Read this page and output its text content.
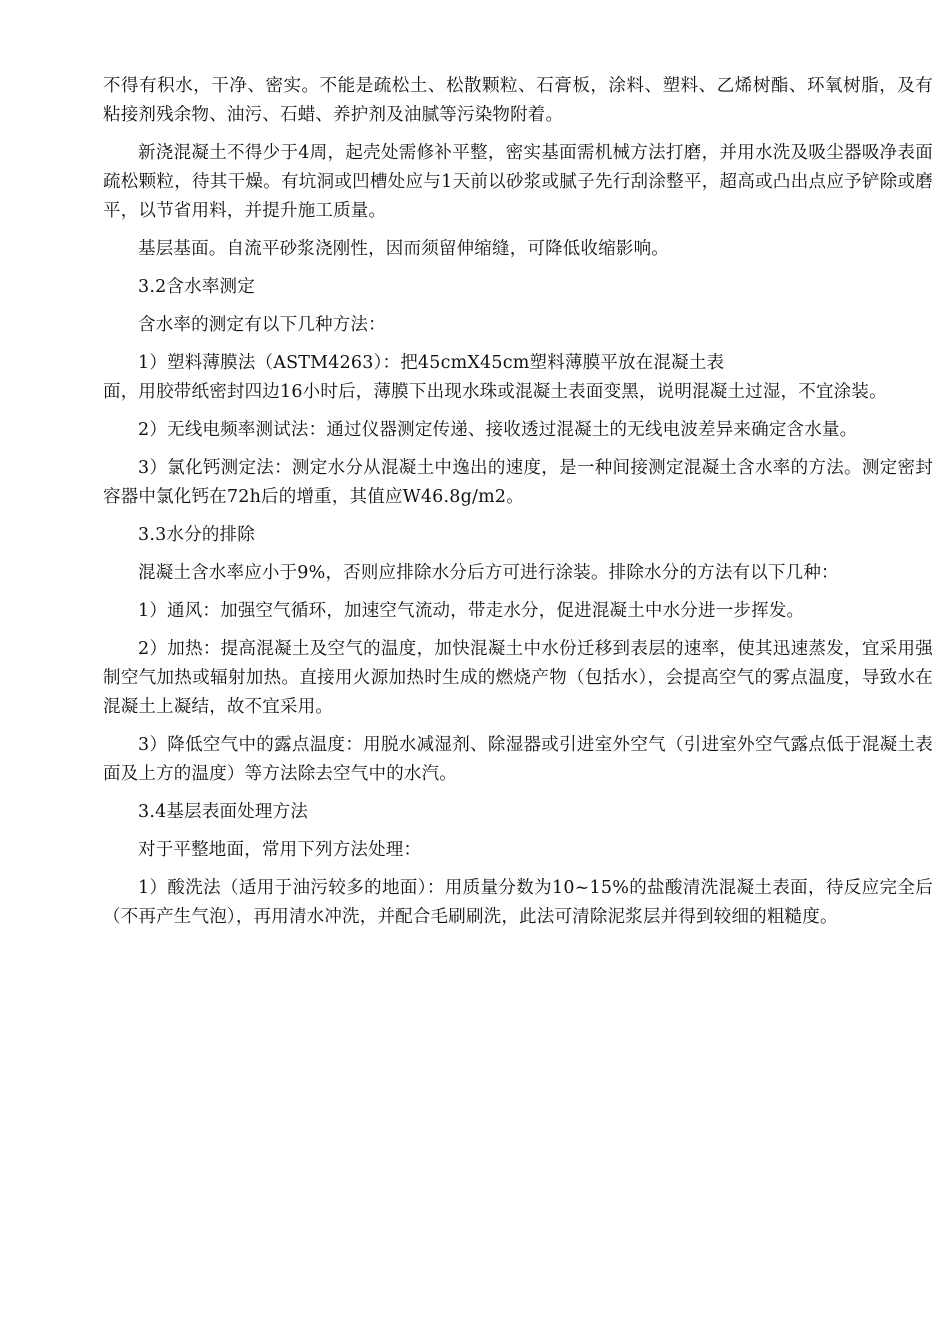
不得有积水，干净、密实。不能是疏松土、松散颗粒、石膏板，涂料、塑料、乙烯树酯、环氧树脂，及有粘接剂残余物、油污、石蜡、养护剂及油腻等污染物附着。

新浇混凝土不得少于4周，起壳处需修补平整，密实基面需机械方法打磨，并用水洗及吸尘器吸净表面疏松颗粒，待其干燥。有坑洞或凹槽处应与1天前以砂浆或腻子先行刮涂整平，超高或凸出点应予铲除或磨平，以节省用料，并提升施工质量。

基层基面。自流平砂浆浇刚性，因而须留伸缩缝，可降低收缩影响。

3.2含水率测定

含水率的测定有以下几种方法：

1）塑料薄膜法（ASTM4263）：把45cmX45cm塑料薄膜平放在混凝土表
面，用胶带纸密封四边16小时后，薄膜下出现水珠或混凝土表面变黑，说明混凝土过湿，不宜涂装。

2）无线电频率测试法：通过仪器测定传递、接收透过混凝土的无线电波差异来确定含水量。

3）氯化钙测定法：测定水分从混凝土中逸出的速度，是一种间接测定混凝土含水率的方法。测定密封容器中氯化钙在72h后的增重，其值应W46.8g/m2。

3.3水分的排除

混凝土含水率应小于9%，否则应排除水分后方可进行涂装。排除水分的方法有以下几种：

1）通风：加强空气循环，加速空气流动，带走水分，促进混凝土中水分进一步挥发。

2）加热：提高混凝土及空气的温度，加快混凝土中水份迁移到表层的速率，使其迅速蒸发，宜采用强制空气加热或辐射加热。直接用火源加热时生成的燃烧产物（包括水），会提高空气的雾点温度，导致水在混凝土上凝结，故不宜采用。

3）降低空气中的露点温度：用脱水减湿剂、除湿器或引进室外空气（引进室外空气露点低于混凝土表面及上方的温度）等方法除去空气中的水汽。

3.4基层表面处理方法

对于平整地面，常用下列方法处理：

1）酸洗法（适用于油污较多的地面）：用质量分数为10~15%的盐酸清洗混凝土表面，待反应完全后（不再产生气泡），再用清水冲洗，并配合毛刷刷洗，此法可清除泥浆层并得到较细的粗糙度。
